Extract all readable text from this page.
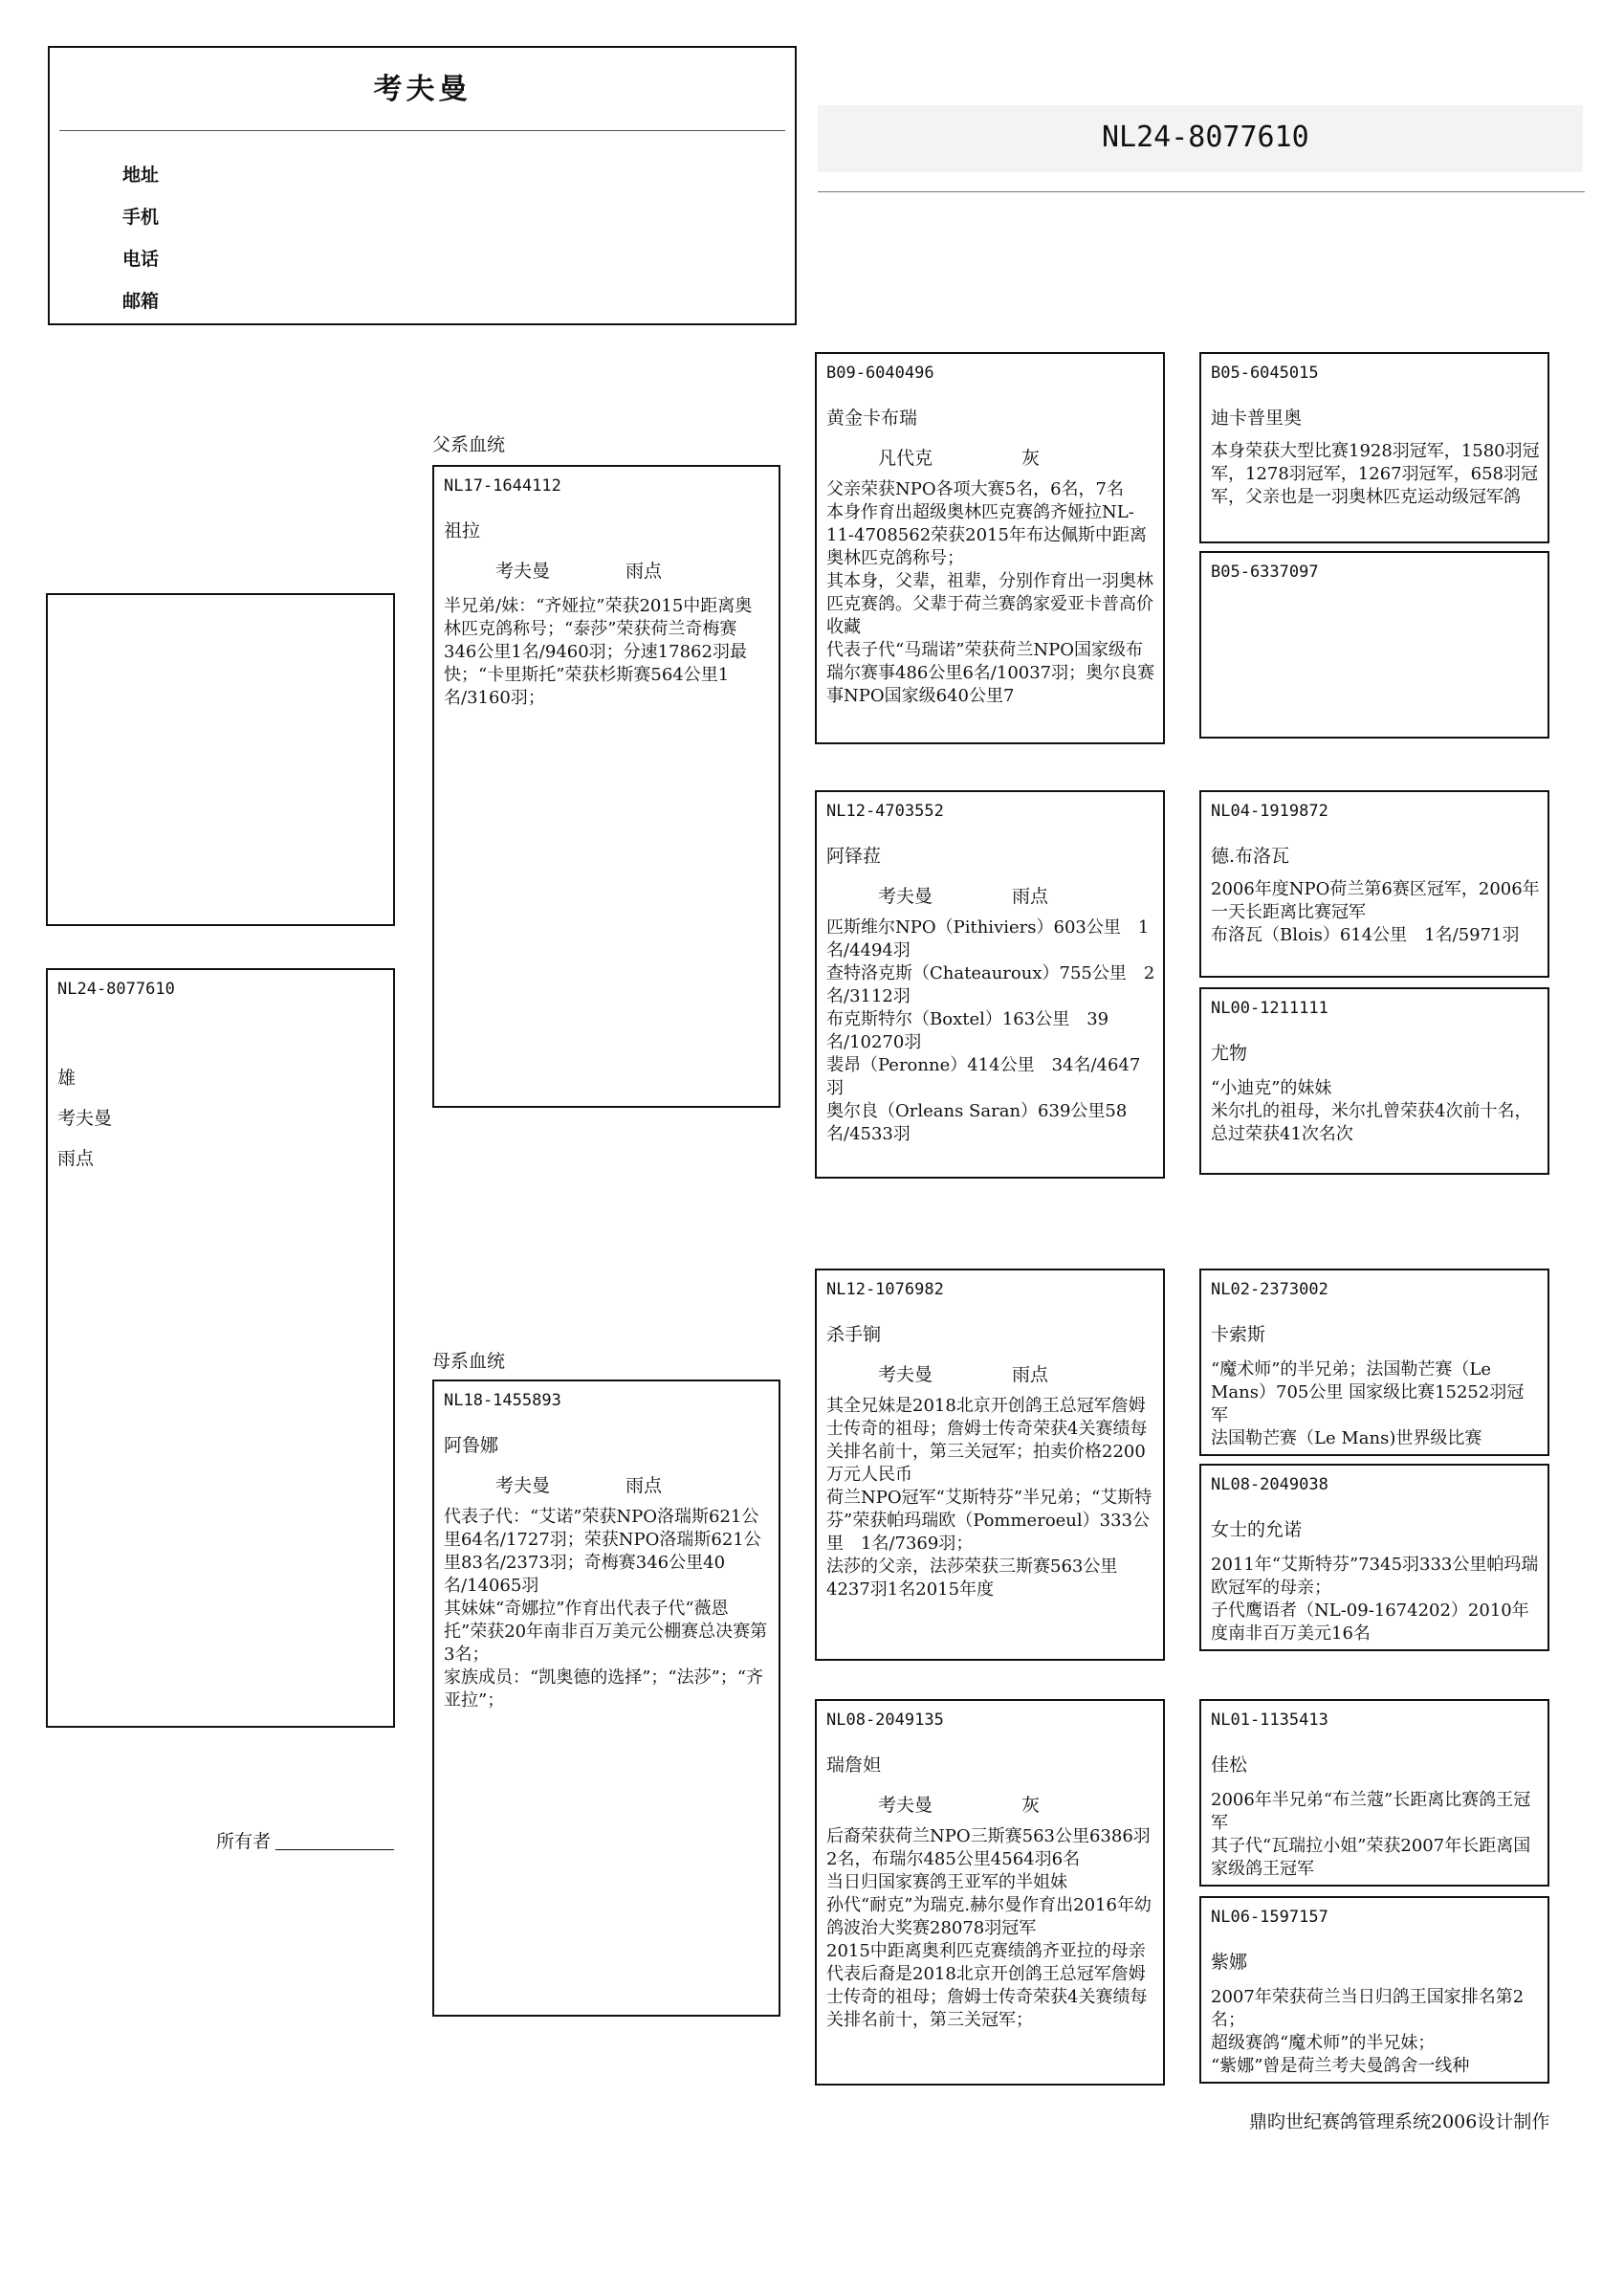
考夫曼
地址
手机
电话
邮箱
NL24-8077610
NL24-8077610
雄
考夫曼
雨点
所有者
父系血统
母系血统
NL17-1644112
祖拉
考夫曼	雨点
半兄弟/妹：“齐娅拉”荣获2015中距离奥林匹克鸽称号；“泰莎”荣获荷兰奇梅赛346公里1名/9460羽；分速17862羽最快；“卡里斯托”荣获杉斯赛564公里1名/3160羽；
NL18-1455893
阿鲁娜
考夫曼	雨点
代表子代：“艾诺”荣获NPO洛瑞斯621公里64名/1727羽；荣获NPO洛瑞斯621公里83名/2373羽；奇梅赛346公里40名/14065羽
其妹妹“奇娜拉”作育出代表子代“薇恩托”荣获20年南非百万美元公棚赛总决赛第3名；
家族成员：“凯奥德的选择”；“法莎”；“齐亚拉”；
B09-6040496
黄金卡布瑞
凡代克	灰
父亲荣获NPO各项大赛5名，6名，7名
本身作育出超级奥林匹克赛鸽齐娅拉NL-11-4708562荣获2015年布达佩斯中距离奥林匹克鸽称号；
其本身，父辈，祖辈，分别作育出一羽奥林匹克赛鸽。父辈于荷兰赛鸽家爱亚卡普高价收藏
代表子代“马瑞诺”荣获荷兰NPO国家级布瑞尔赛事486公里6名/10037羽；奥尔良赛事NPO国家级640公里7
NL12-4703552
阿铎菈
考夫曼	雨点
匹斯维尔NPO（Pithiviers）603公里　1名/4494羽
查特洛克斯（Chateauroux）755公里　2名/3112羽
布克斯特尔（Boxtel）163公里　39名/10270羽
裴昂（Peronne）414公里　34名/4647羽
奥尔良（Orleans Saran）639公里58名/4533羽
NL12-1076982
杀手锏
考夫曼	雨点
其全兄妹是2018北京开创鸽王总冠军詹姆士传奇的祖母；詹姆士传奇荣获4关赛绩每关排名前十，第三关冠军；拍卖价格2200万元人民币
荷兰NPO冠军“艾斯特芬”半兄弟；“艾斯特芬”荣获帕玛瑞欧（Pommeroeul）333公里　1名/7369羽；
法莎的父亲，法莎荣获三斯赛563公里4237羽1名2015年度
NL08-2049135
瑞詹妲
考夫曼	灰
后裔荣获荷兰NPO三斯赛563公里6386羽2名，布瑞尔485公里4564羽6名
当日归国家赛鸽王亚军的半姐妹
孙代“耐克”为瑞克.赫尔曼作育出2016年幼鸽波治大奖赛28078羽冠军
2015中距离奥利匹克赛绩鸽齐亚拉的母亲
代表后裔是2018北京开创鸽王总冠军詹姆士传奇的祖母；詹姆士传奇荣获4关赛绩每关排名前十，第三关冠军；
B05-6045015
迪卡普里奥
本身荣获大型比赛1928羽冠军，1580羽冠军，1278羽冠军，1267羽冠军，658羽冠军，父亲也是一羽奥林匹克运动级冠军鸽
B05-6337097
NL04-1919872
德.布洛瓦
2006年度NPO荷兰第6赛区冠军，2006年一天长距离比赛冠军
布洛瓦（Blois）614公里　1名/5971羽
NL00-1211111
尤物
“小迪克”的妹妹
米尔扎的祖母，米尔扎曾荣获4次前十名，总过荣获41次名次
NL02-2373002
卡索斯
“魔术师”的半兄弟；法国勒芒赛（Le Mans）705公里 国家级比赛15252羽冠军
法国勒芒赛（Le Mans)世界级比赛
NL08-2049038
女士的允诺
2011年“艾斯特芬”7345羽333公里帕玛瑞欧冠军的母亲；
子代鹰语者（NL-09-1674202）2010年度南非百万美元16名
NL01-1135413
佳松
2006年半兄弟“布兰蔻”长距离比赛鸽王冠军
其子代“瓦瑞拉小姐”荣获2007年长距离国家级鸽王冠军
NL06-1597157
紫娜
2007年荣获荷兰当日归鸽王国家排名第2名；
超级赛鸽“魔术师”的半兄妹；
“紫娜”曾是荷兰考夫曼鸽舍一线种
鼎昀世纪赛鸽管理系统2006设计制作
